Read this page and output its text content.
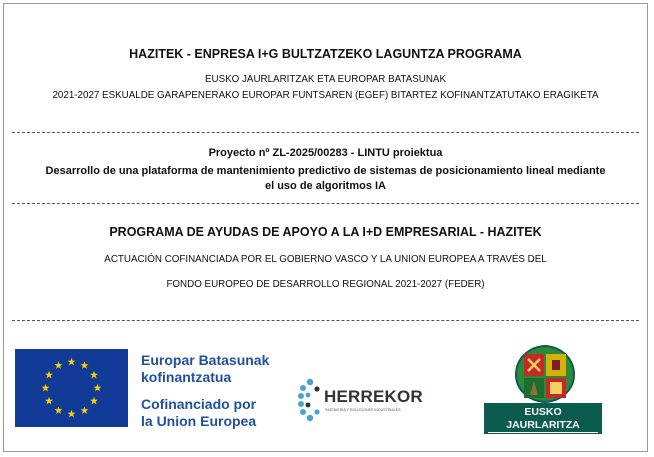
HAZITEK - ENPRESA I+G BULTZATZEKO LAGUNTZA PROGRAMA
EUSKO JAURLARITZAK ETA EUROPAR BATASUNAK
2021-2027 ESKUALDE GARAPENERAKO EUROPAR FUNTSAREN (EGEF) BITARTEZ KOFINANTZATUTAKO ERAGIKETA
Proyecto nº ZL-2025/00283 - LINTU proiektua
Desarrollo de una plataforma de mantenimiento predictivo de sistemas de posicionamiento lineal mediante
el uso de algoritmos IA
PROGRAMA DE AYUDAS DE APOYO A LA I+D EMPRESARIAL - HAZITEK
ACTUACIÓN COFINANCIADA POR EL GOBIERNO VASCO Y LA UNION EUROPEA A TRAVÉS DEL
FONDO EUROPEO DE DESARROLLO REGIONAL 2021-2027 (FEDER)
Europar Batasunak
kofinantzatua
Cofinanciado por
la Union Europea
HERREKOR
INGENIERÍA Y SOLUCIONES INDUSTRIALES	EUSKO JAURLARITZA
GOBIERNO VASCO
